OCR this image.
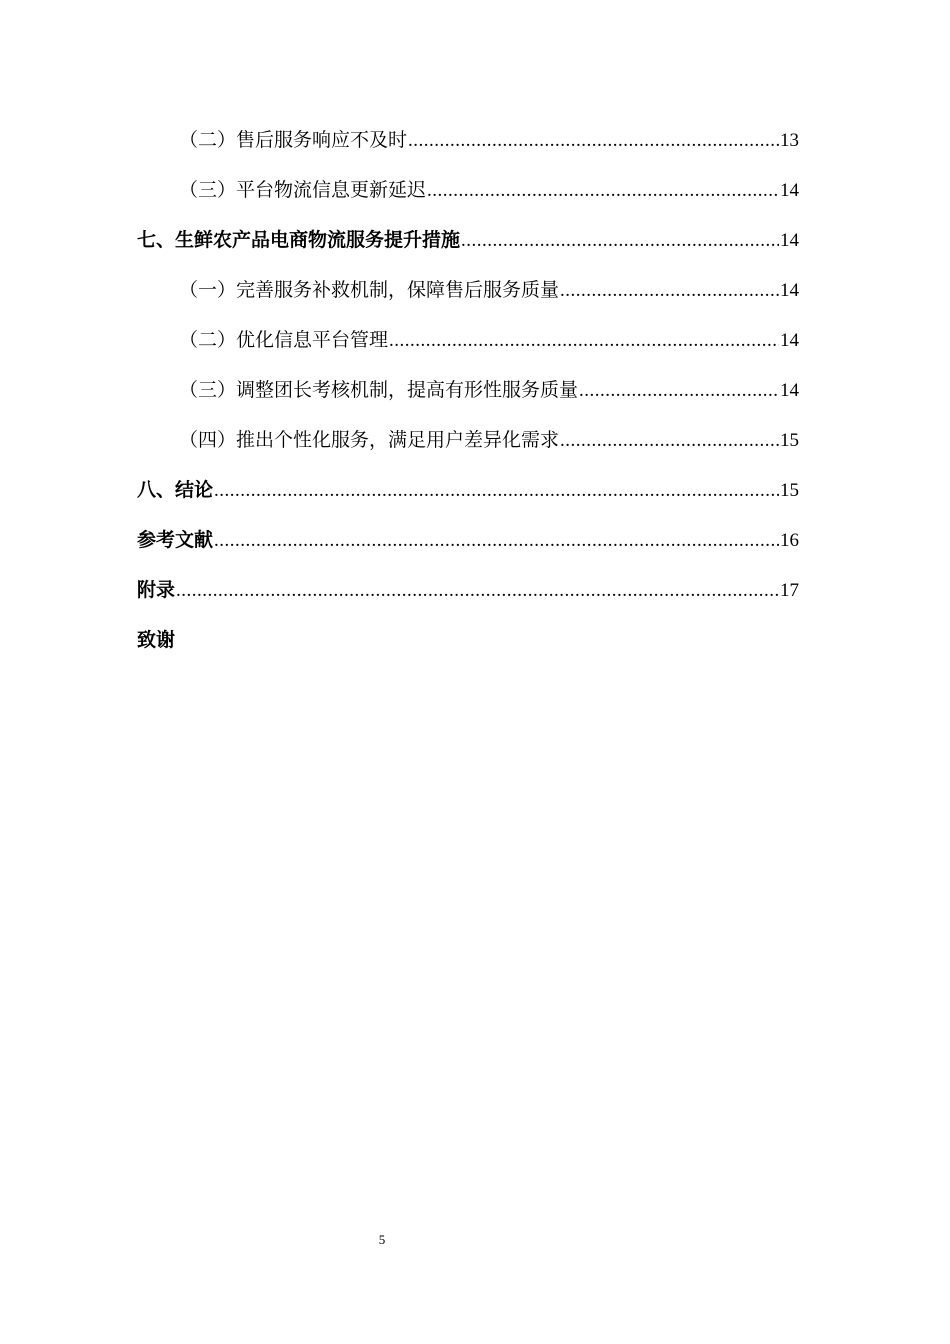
（二）售后服务响应不及时 .....	13
（三）平台物流信息更新延迟 .....	14
七、生鲜农产品电商物流服务提升措施 .....	14
（一）完善服务补救机制，保障售后服务质量 .....	14
（二）优化信息平台管理 .....	14
（三）调整团长考核机制，提高有形性服务质量 .....	14
（四）推出个性化服务，满足用户差异化需求 .....	15
八、结论 .....	15
参考文献 .....	16
附录 .....	17
致谢
5
